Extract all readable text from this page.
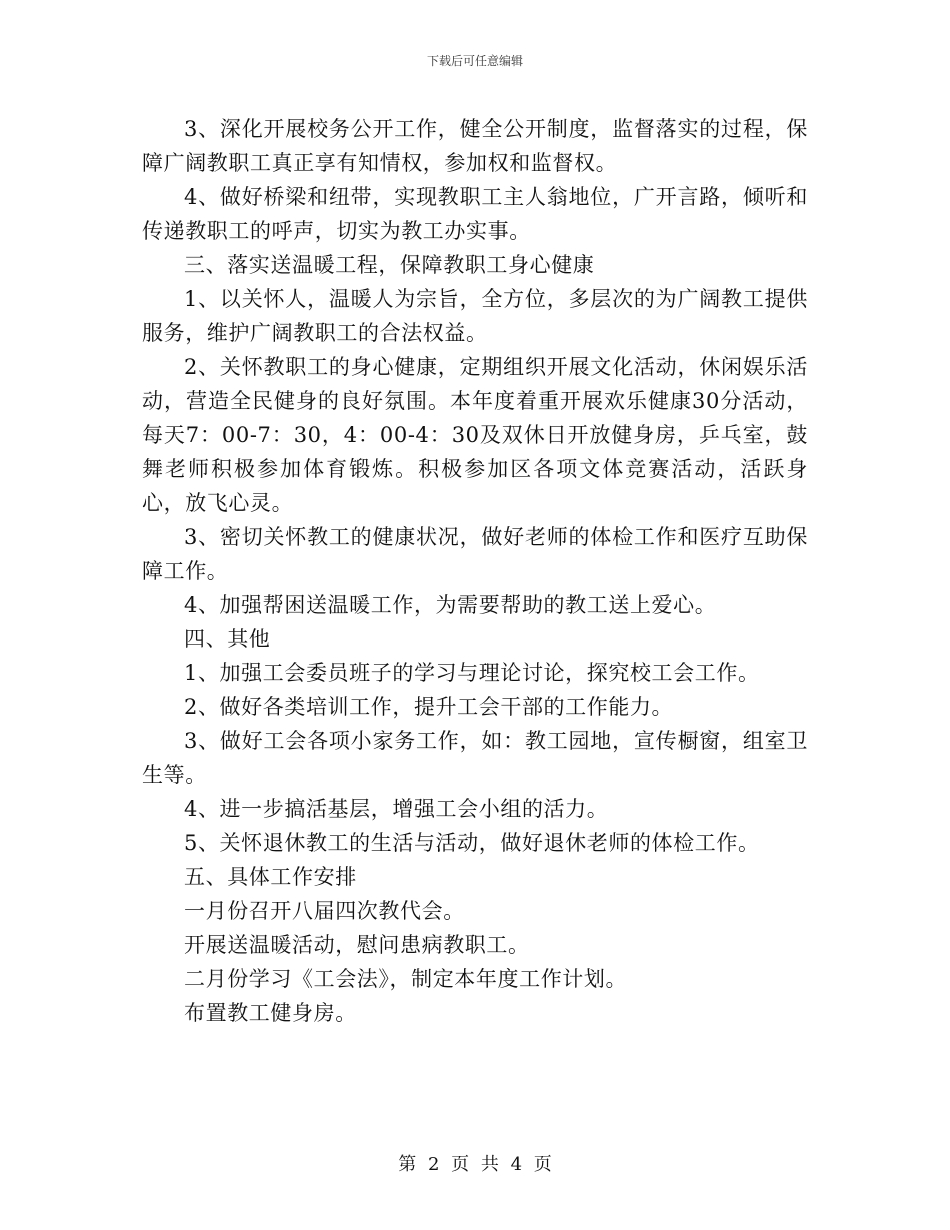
下载后可任意编辑

3、深化开展校务公开工作，健全公开制度，监督落实的过程，保障广阔教职工真正享有知情权，参加权和监督权。

4、做好桥梁和纽带，实现教职工主人翁地位，广开言路，倾听和传递教职工的呼声，切实为教工办实事。

三、落实送温暖工程，保障教职工身心健康

1、以关怀人，温暖人为宗旨，全方位，多层次的为广阔教工提供服务，维护广阔教职工的合法权益。

2、关怀教职工的身心健康，定期组织开展文化活动，休闲娱乐活动，营造全民健身的良好氛围。本年度着重开展欢乐健康30分活动，每天7：00-7：30，4：00-4：30及双休日开放健身房，乒乓室，鼓舞老师积极参加体育锻炼。积极参加区各项文体竞赛活动，活跃身心，放飞心灵。

3、密切关怀教工的健康状况，做好老师的体检工作和医疗互助保障工作。

4、加强帮困送温暖工作，为需要帮助的教工送上爱心。

四、其他

1、加强工会委员班子的学习与理论讨论，探究校工会工作。

2、做好各类培训工作，提升工会干部的工作能力。

3、做好工会各项小家务工作，如：教工园地，宣传橱窗，组室卫生等。

4、进一步搞活基层，增强工会小组的活力。

5、关怀退休教工的生活与活动，做好退休老师的体检工作。

五、具体工作安排

一月份召开八届四次教代会。

开展送温暖活动，慰问患病教职工。

二月份学习《工会法》，制定本年度工作计划。

布置教工健身房。

第 2 页 共 4 页
